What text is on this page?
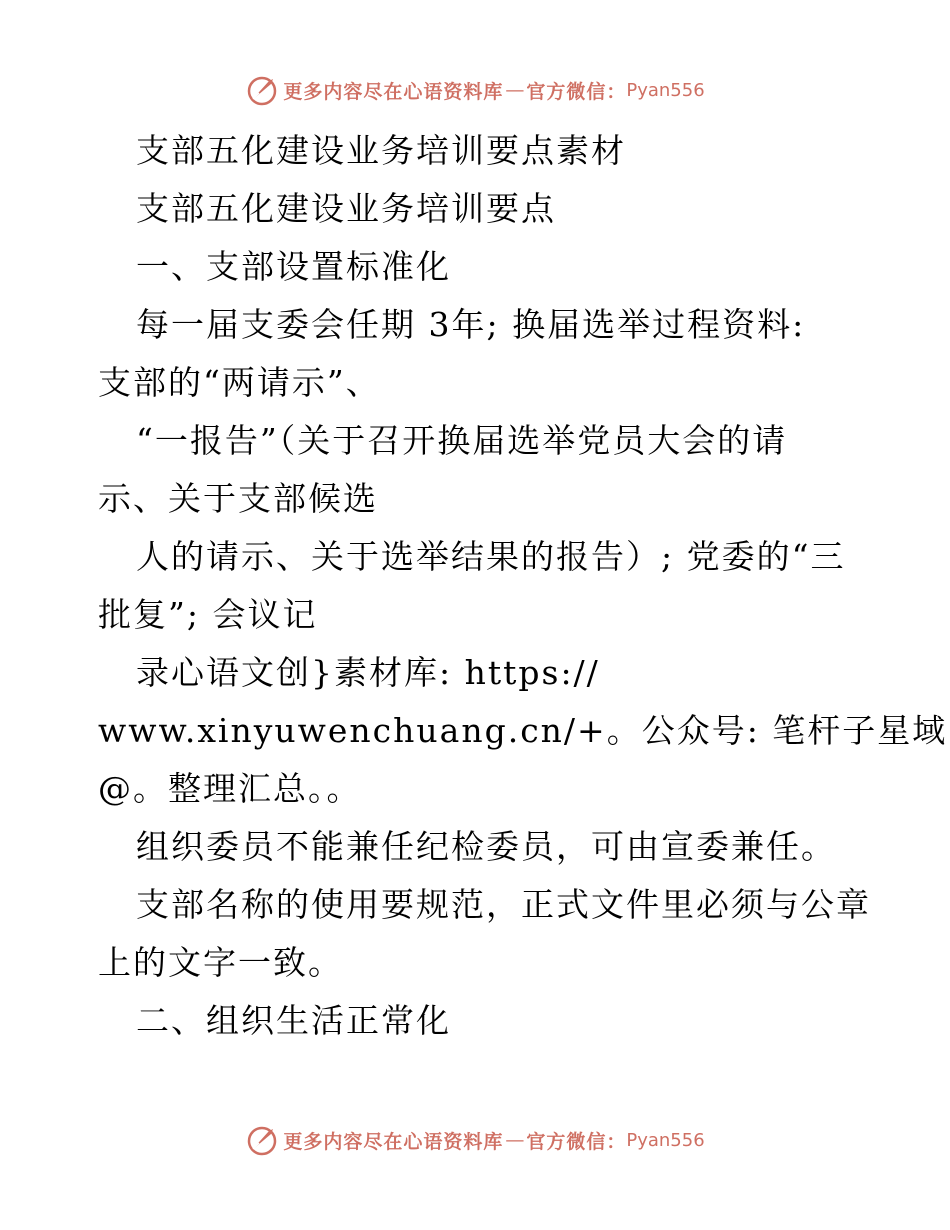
更多内容尽在心语资料库 — 官方微信： Pyan556
支部五化建设业务培训要点素材
支部五化建设业务培训要点
一、支部设置标准化
每一届支委会任期 3年; 换届选举过程资料:
支部的“两请示”、
“一报告”（关于召开换届选举党员大会的请
示、关于支部候选
人的请示、关于选举结果的报告）; 党委的“三
批复”; 会议记
录心语文创}素材库: https://
www.xinyuwenchuang.cn/+。公众号: 笔杆子星域
@。整理汇总。。
组织委员不能兼任纪检委员，可由宣委兼任。
支部名称的使用要规范，正式文件里必须与公章
上的文字一致。
二、组织生活正常化
更多内容尽在心语资料库 — 官方微信： Pyan556
